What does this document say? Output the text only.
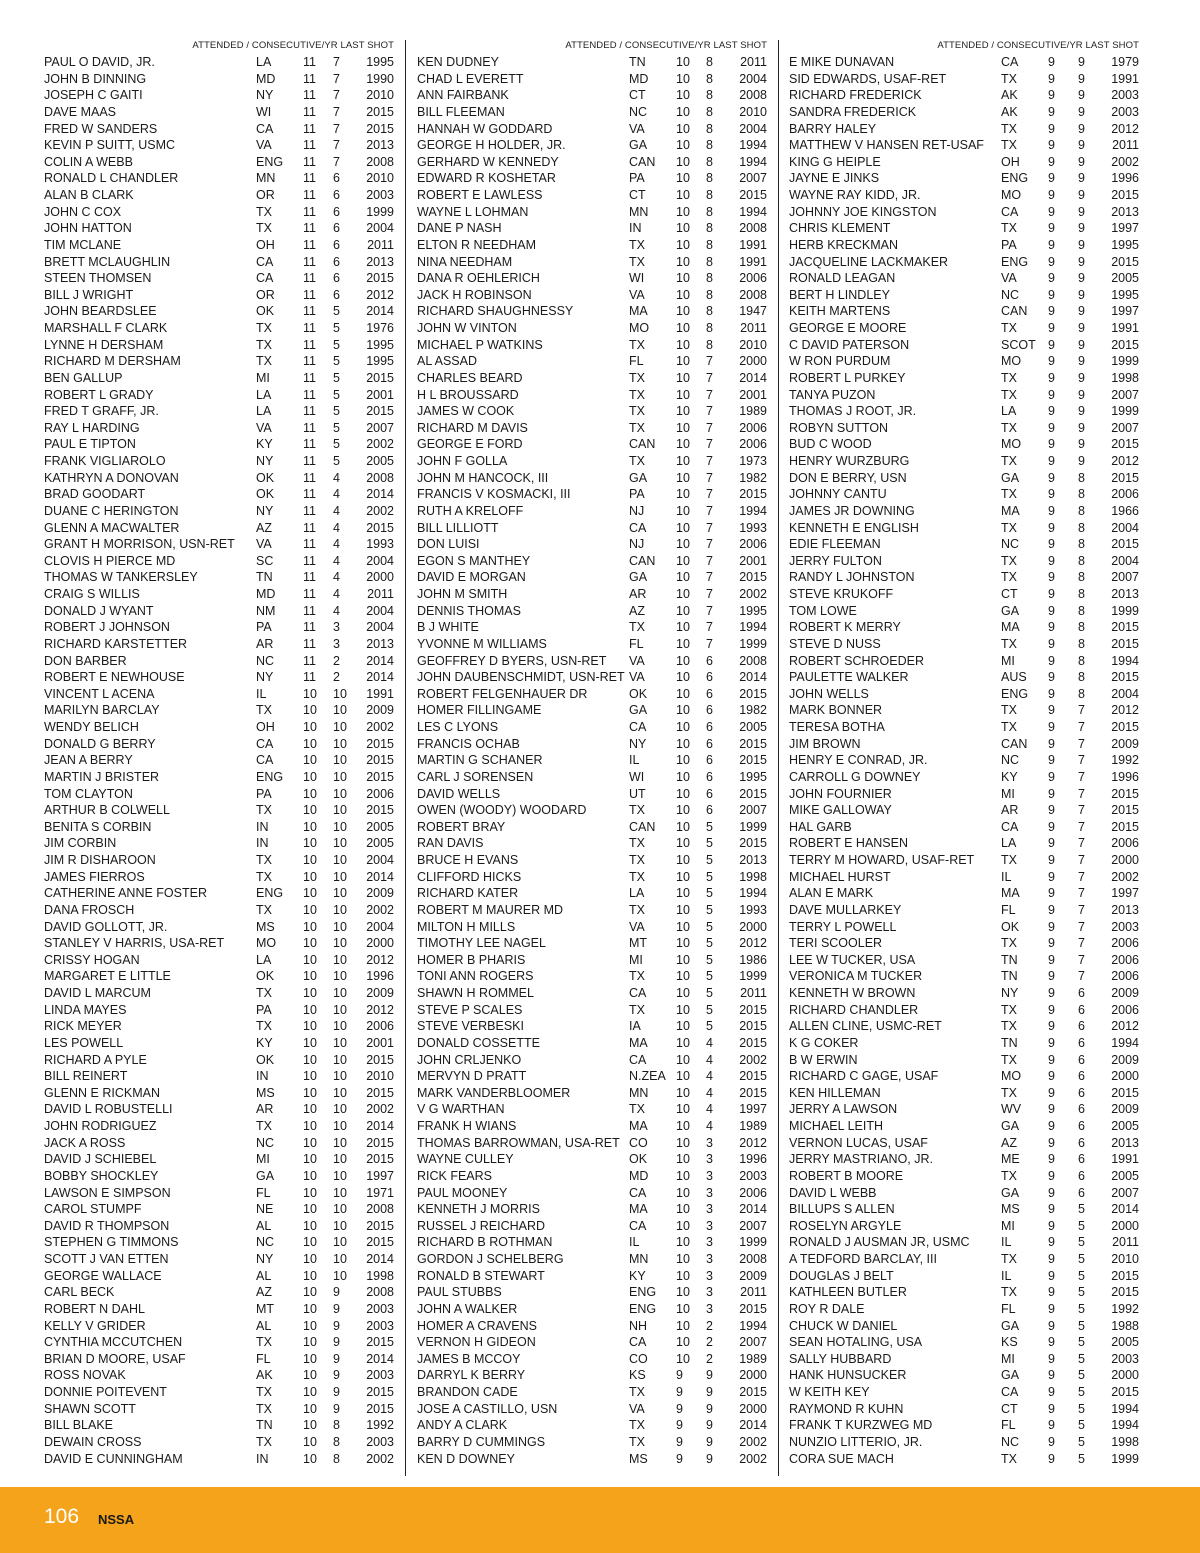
ATTENDED / CONSECUTIVE/YR LAST SHOT
PAUL O DAVID, JR.	LA	11 7 1995
JOHN B DINNING	MD 11 7 1990
JOSEPH C GAITI	NY 11 7 2010
DAVE MAAS	WI	11 7 2015
FRED W SANDERS	CA 11 7 2015
KEVIN P SUITT, USMC	VA	11 7 2013
COLIN A WEBB	ENG 11 7 2008
RONALD L CHANDLER	MN 11 6 2010
ALAN B CLARK	OR 11 6 2003
JOHN C COX	TX 11 6 1999
JOHN HATTON	TX 11 6 2004
TIM MCLANE	OH 11 6 2011
BRETT MCLAUGHLIN	CA 11 6 2013
STEEN THOMSEN	CA 11 6 2015
BILL J WRIGHT	OR 11 6 2012
JOHN BEARDSLEE	OK 11 5 2014
MARSHALL F CLARK	TX 11 5 1976
LYNNE H DERSHAM	TX 11 5 1995
RICHARD M DERSHAM	TX 11 5 1995
BEN GALLUP	MI	11 5 2015
ROBERT L GRADY	LA	11 5 2001
FRED T GRAFF, JR.	LA	11 5 2015
RAY L HARDING	VA	11 5 2007
PAUL E TIPTON	KY 11 5 2002
FRANK VIGLIAROLO	NY 11 5 2005
KATHRYN A DONOVAN	OK 11 4 2008
BRAD GOODART	OK 11 4 2014
DUANE C HERINGTON	NY 11 4 2002
GLENN A MACWALTER	AZ 11 4 2015
GRANT H MORRISON, USN-RET	VA	11 4 1993
CLOVIS H PIERCE MD	SC 11 4 2004
THOMAS W TANKERSLEY	TN 11 4 2000
CRAIG S WILLIS	MD 11 4 2011
DONALD J WYANT	NM 11 4 2004
ROBERT J JOHNSON	PA	11 3 2004
RICHARD KARSTETTER	AR 11 3 2013
DON BARBER	NC 11 2 2014
ROBERT E NEWHOUSE	NY 11 2 2014
VINCENT L ACENA	IL	10 10 1991
MARILYN BARCLAY	TX 10 10 2009
WENDY BELICH	OH 10 10 2002
DONALD G BERRY	CA 10 10 2015
JEAN A BERRY	CA 10 10 2015
MARTIN J BRISTER	ENG 10 10 2015
TOM CLAYTON	PA	10 10 2006
ARTHUR B COLWELL	TX 10 10 2015
BENITA S CORBIN	IN	10 10 2005
JIM CORBIN	IN	10 10 2005
JIM R DISHAROON	TX 10 10 2004
JAMES FIERROS	TX 10 10 2014
CATHERINE ANNE FOSTER	ENG 10 10 2009
DANA FROSCH	TX 10 10 2002
DAVID GOLLOTT, JR.	MS 10 10 2004
STANLEY V HARRIS, USA-RET	MO 10 10 2000
CRISSY HOGAN	LA	10 10 2012
MARGARET E LITTLE	OK 10 10 1996
DAVID L MARCUM	TX 10 10 2009
LINDA MAYES	PA	10 10 2012
RICK MEYER	TX 10 10 2006
LES POWELL	KY 10 10 2001
RICHARD A PYLE	OK 10 10 2015
BILL REINERT	IN	10 10 2010
GLENN E RICKMAN	MS 10 10 2015
DAVID L ROBUSTELLI	AR 10 10 2002
JOHN RODRIGUEZ	TX 10 10 2014
JACK A ROSS	NC 10 10 2015
DAVID J SCHIEBEL	MI	10 10 2015
BOBBY SHOCKLEY	GA 10 10 1997
LAWSON E SIMPSON	FL	10 10 1971
CAROL STUMPF	NE 10 10 2008
DAVID R THOMPSON	AL	10 10 2015
STEPHEN G TIMMONS	NC 10 10 2015
SCOTT J VAN ETTEN	NY 10 10 2014
GEORGE WALLACE	AL	10 10 1998
CARL BECK	AZ 10 9 2008
ROBERT N DAHL	MT 10 9 2003
KELLY V GRIDER	AL	10 9 2003
CYNTHIA MCCUTCHEN	TX 10 9 2015
BRIAN D MOORE, USAF	FL	10 9 2014
ROSS NOVAK	AK 10 9 2003
DONNIE POITEVENT	TX 10 9 2015
SHAWN SCOTT	TX 10 9 2015
BILL BLAKE	TN 10 8 1992
DEWAIN CROSS	TX 10 8 2003
DAVID E CUNNINGHAM	IN	10 8 2002
ATTENDED / CONSECUTIVE/YR LAST SHOT
KEN DUDNEY	TN 10 8 2011
CHAD L EVERETT	MD 10 8 2004
ANN FAIRBANK	CT 10 8 2008
BILL FLEEMAN	NC 10 8 2010
HANNAH W GODDARD	VA	10 8 2004
GEORGE H HOLDER, JR.	GA 10 8 1994
GERHARD W KENNEDY	CAN 10 8 1994
EDWARD R KOSHETAR	PA	10 8 2007
ROBERT E LAWLESS	CT 10 8 2015
WAYNE L LOHMAN	MN 10 8 1994
DANE P NASH	IN	10 8 2008
ELTON R NEEDHAM	TX 10 8 1991
NINA NEEDHAM	TX 10 8 1991
DANA R OEHLERICH	WI	10 8 2006
JACK H ROBINSON	VA	10 8 2008
RICHARD SHAUGHNESSY	MA 10 8 1947
JOHN W VINTON	MO 10 8 2011
MICHAEL P WATKINS	TX 10 8 2010
AL ASSAD	FL	10 7 2000
CHARLES BEARD	TX 10 7 2014
H L BROUSSARD	TX 10 7 2001
JAMES W COOK	TX 10 7 1989
RICHARD M DAVIS	TX 10 7 2006
GEORGE E FORD	CAN 10 7 2006
JOHN F GOLLA	TX 10 7 1973
JOHN M HANCOCK, III	GA 10 7 1982
FRANCIS V KOSMACKI, III	PA	10 7 2015
RUTH A KRELOFF	NJ	10 7 1994
BILL LILLIOTT	CA 10 7 1993
DON LUISI	NJ	10 7 2006
EGON S MANTHEY	CAN 10 7 2001
DAVID E MORGAN	GA 10 7 2015
JOHN M SMITH	AR 10 7 2002
DENNIS THOMAS	AZ 10 7 1995
B J WHITE	TX 10 7 1994
YVONNE M WILLIAMS	FL	10 7 1999
GEOFFREY D BYERS, USN-RET	VA	10 6 2008
JOHN DAUBENSCHMIDT, USN-RET VA	10 6 2014
ROBERT FELGENHAUER DR	OK 10 6 2015
HOMER FILLINGAME	GA 10 6 1982
LES C LYONS	CA 10 6 2005
FRANCIS OCHAB	NY 10 6 2015
MARTIN G SCHANER	IL	10 6 2015
CARL J SORENSEN	WI	10 6 1995
DAVID WELLS	UT 10 6 2015
OWEN (WOODY) WOODARD	TX 10 6 2007
ROBERT BRAY	CAN 10 5 1999
RAN DAVIS	TX 10 5 2015
BRUCE H EVANS	TX 10 5 2013
CLIFFORD HICKS	TX 10 5 1998
RICHARD KATER	LA	10 5 1994
ROBERT M MAURER MD	TX 10 5 1993
MILTON H MILLS	VA	10 5 2000
TIMOTHY LEE NAGEL	MT 10 5 2012
HOMER B PHARIS	MI	10 5 1986
TONI ANN ROGERS	TX 10 5 1999
SHAWN H ROMMEL	CA 10 5 2011
STEVE P SCALES	TX 10 5 2015
STEVE VERBESKI	IA	10 5 2015
DONALD COSSETTE	MA 10 4 2015
JOHN CRLJENKO	CA 10 4 2002
MERVYN D PRATT	N.ZEA 10 4 2015
MARK VANDERBLOOMER	MN 10 4 2015
V G WARTHAN	TX 10 4 1997
FRANK H WIANS	MA 10 4 1989
THOMAS BARROWMAN, USA-RET CO 10 3 2012
WAYNE CULLEY	OK 10 3 1996
RICK FEARS	MD 10 3 2003
PAUL MOONEY	CA 10 3 2006
KENNETH J MORRIS	MA 10 3 2014
RUSSEL J REICHARD	CA 10 3 2007
RICHARD B ROTHMAN	IL	10 3 1999
GORDON J SCHELBERG	MN 10 3 2008
RONALD B STEWART	KY 10 3 2009
PAUL STUBBS	ENG 10 3 2011
JOHN A WALKER	ENG 10 3 2015
HOMER A CRAVENS	NH 10 2 1994
VERNON H GIDEON	CA 10 2 2007
JAMES B MCCOY	CO 10 2 1989
DARRYL K BERRY	KS 9 9 2000
BRANDON CADE	TX 9 9 2015
JOSE A CASTILLO, USN	VA	9 9 2000
ANDY A CLARK	TX 9 9 2014
BARRY D CUMMINGS	TX 9 9 2002
KEN D DOWNEY	MS 9 9 2002
ATTENDED / CONSECUTIVE/YR LAST SHOT
E MIKE DUNAVAN	CA 9 9 1979
SID EDWARDS, USAF-RET	TX 9 9 1991
RICHARD FREDERICK	AK 9 9 2003
SANDRA FREDERICK	AK 9 9 2003
BARRY HALEY	TX 9 9 2012
MATTHEW V HANSEN RET-USAF	TX 9 9 2011
KING G HEIPLE	OH 9 9 2002
JAYNE E JINKS	ENG 9 9 1996
WAYNE RAY KIDD, JR.	MO 9 9 2015
JOHNNY JOE KINGSTON	CA 9 9 2013
CHRIS KLEMENT	TX 9 9 1997
HERB KRECKMAN	PA	9 9 1995
JACQUELINE LACKMAKER	ENG 9 9 2015
RONALD LEAGAN	VA	9 9 2005
BERT H LINDLEY	NC 9 9 1995
KEITH MARTENS	CAN 9 9 1997
GEORGE E MOORE	TX 9 9 1991
C DAVID PATERSON	SCOT 9 9 2015
W RON PURDUM	MO 9 9 1999
ROBERT L PURKEY	TX 9 9 1998
TANYA PUZON	TX 9 9 2007
THOMAS J ROOT, JR.	LA	9 9 1999
ROBYN SUTTON	TX 9 9 2007
BUD C WOOD	MO 9 9 2015
HENRY WURZBURG	TX 9 9 2012
DON E BERRY, USN	GA 9 8 2015
JOHNNY CANTU	TX 9 8 2006
JAMES JR DOWNING	MA 9 8 1966
KENNETH E ENGLISH	TX 9 8 2004
EDIE FLEEMAN	NC 9 8 2015
JERRY FULTON	TX 9 8 2004
RANDY L JOHNSTON	TX 9 8 2007
STEVE KRUKOFF	CT 9 8 2013
TOM LOWE	GA 9 8 1999
ROBERT K MERRY	MA 9 8 2015
STEVE D NUSS	TX 9 8 2015
ROBERT SCHROEDER	MI	9 8 1994
PAULETTE WALKER	AUS 9 8 2015
JOHN WELLS	ENG 9 8 2004
MARK BONNER	TX 9 7 2012
TERESA BOTHA	TX 9 7 2015
JIM BROWN	CAN 9 7 2009
HENRY E CONRAD, JR.	NC 9 7 1992
CARROLL G DOWNEY	KY 9 7 1996
JOHN FOURNIER	MI	9 7 2015
MIKE GALLOWAY	AR 9 7 2015
HAL GARB	CA 9 7 2015
ROBERT E HANSEN	LA	9 7 2006
TERRY M HOWARD, USAF-RET	TX 9 7 2000
MICHAEL HURST	IL	9 7 2002
ALAN E MARK	MA 9 7 1997
DAVE MULLARKEY	FL	9 7 2013
TERRY L POWELL	OK 9 7 2003
TERI SCOOLER	TX 9 7 2006
LEE W TUCKER, USA	TN 9 7 2006
VERONICA M TUCKER	TN 9 7 2006
KENNETH W BROWN	NY 9 6 2009
RICHARD CHANDLER	TX 9 6 2006
ALLEN CLINE, USMC-RET	TX 9 6 2012
K G COKER	TN 9 6 1994
B W ERWIN	TX 9 6 2009
RICHARD C GAGE, USAF	MO 9 6 2000
KEN HILLEMAN	TX 9 6 2015
JERRY A LAWSON	WV 9 6 2009
MICHAEL LEITH	GA 9 6 2005
VERNON LUCAS, USAF	AZ 9 6 2013
JERRY MASTRIANO, JR.	ME 9 6 1991
ROBERT B MOORE	TX 9 6 2005
DAVID L WEBB	GA 9 6 2007
BILLUPS S ALLEN	MS 9 5 2014
ROSELYN ARGYLE	MI	9 5 2000
RONALD J AUSMAN JR, USMC	IL	9 5 2011
A TEDFORD BARCLAY, III	TX 9 5 2010
DOUGLAS J BELT	IL	9 5 2015
KATHLEEN BUTLER	TX 9 5 2015
ROY R DALE	FL	9 5 1992
CHUCK W DANIEL	GA 9 5 1988
SEAN HOTALING, USA	KS 9 5 2005
SALLY HUBBARD	MI	9 5 2003
HANK HUNSUCKER	GA 9 5 2000
W KEITH KEY	CA 9 5 2015
RAYMOND R KUHN	CT 9 5 1994
FRANK T KURZWEG MD	FL	9 5 1994
NUNZIO LITTERIO, JR.	NC 9 5 1998
CORA SUE MACH	TX 9 5 1999
106 NSSA
